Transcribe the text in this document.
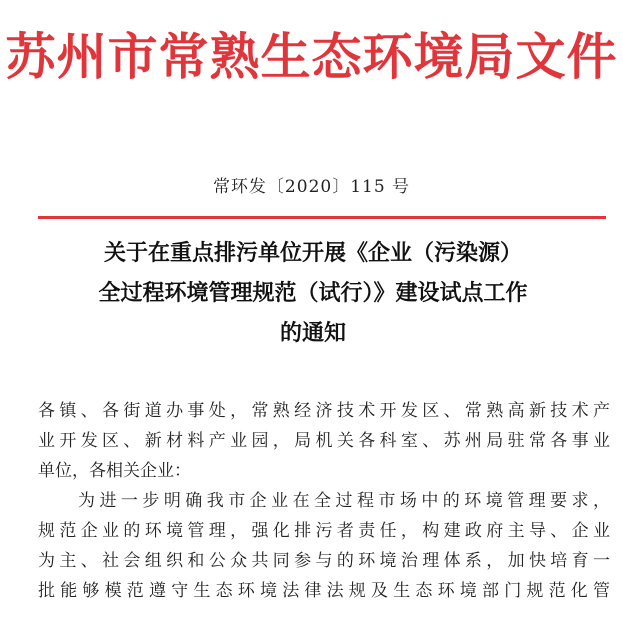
苏州市常熟生态环境局文件
常环发〔2020〕115 号
关于在重点排污单位开展《企业（污染源）
全过程环境管理规范（试行）》建设试点工作
的通知
各镇、各街道办事处，常熟经济技术开发区、常熟高新技术产
业开发区、新材料产业园，局机关各科室、苏州局驻常各事业
单位，各相关企业：
为进一步明确我市企业在全过程市场中的环境管理要求，
规范企业的环境管理，强化排污者责任，构建政府主导、企业
为主、社会组织和公众共同参与的环境治理体系，加快培育一
批能够模范遵守生态环境法律法规及生态环境部门规范化管
